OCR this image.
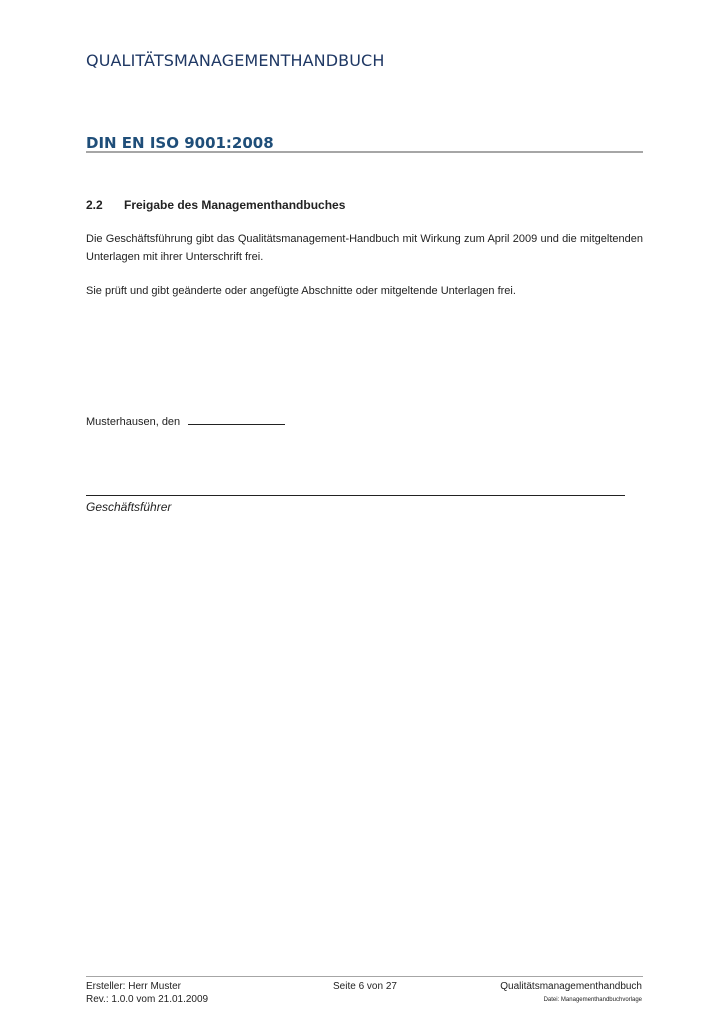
QUALITÄTSMANAGEMENTHANDBUCH
DIN EN ISO 9001:2008
2.2 Freigabe des Managementhandbuches
Die Geschäftsführung gibt das Qualitätsmanagement-Handbuch mit Wirkung zum April 2009 und die mitgeltenden Unterlagen mit ihrer Unterschrift frei.
Sie prüft und gibt geänderte oder angefügte Abschnitte oder mitgeltende Unterlagen frei.
Musterhausen, den
Geschäftsführer
Ersteller: Herr Muster
Rev.: 1.0.0 vom 21.01.2009
Seite 6 von 27	Qualitätsmanagementhandbuch
Datei: Managementhandbuchvorlage
